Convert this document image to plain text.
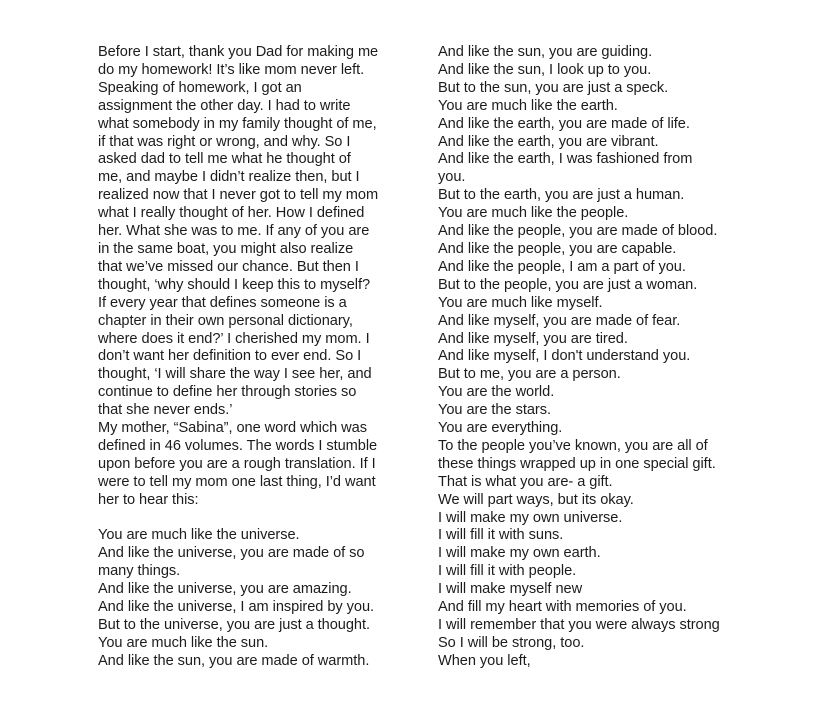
Before I start, thank you Dad for making me
do my homework! It’s like mom never left.
Speaking of homework, I got an
assignment the other day. I had to write
what somebody in my family thought of me,
if that was right or wrong, and why. So I
asked dad to tell me what he thought of
me, and maybe I didn’t realize then, but I
realized now that I never got to tell my mom
what I really thought of her. How I defined
her. What she was to me. If any of you are
in the same boat, you might also realize
that we’ve missed our chance. But then I
thought, ‘why should I keep this to myself?
If every year that defines someone is a
chapter in their own personal dictionary,
where does it end?’ I cherished my mom. I
don’t want her definition to ever end. So I
thought, ‘I will share the way I see her, and
continue to define her through stories so
that she never ends.’
My mother, “Sabina”, one word which was
defined in 46 volumes. The words I stumble
upon before you are a rough translation. If I
were to tell my mom one last thing, I’d want
her to hear this:
You are much like the universe.
And like the universe, you are made of so
many things.
And like the universe, you are amazing.
And like the universe, I am inspired by you.
But to the universe, you are just a thought.
You are much like the sun.
And like the sun, you are made of warmth.
And like the sun, you are guiding.
And like the sun, I look up to you.
But to the sun, you are just a speck.
You are much like the earth.
And like the earth, you are made of life.
And like the earth, you are vibrant.
And like the earth, I was fashioned from
you.
But to the earth, you are just a human.
You are much like the people.
And like the people, you are made of blood.
And like the people, you are capable.
And like the people, I am a part of you.
But to the people, you are just a woman.
You are much like myself.
And like myself, you are made of fear.
And like myself, you are tired.
And like myself, I don't understand you.
But to me, you are a person.
You are the world.
You are the stars.
You are everything.
To the people you’ve known, you are all of
these things wrapped up in one special gift.
That is what you are- a gift.
We will part ways, but its okay.
I will make my own universe.
I will fill it with suns.
I will make my own earth.
I will fill it with people.
I will make myself new
And fill my heart with memories of you.
I will remember that you were always strong
So I will be strong, too.
When you left,
